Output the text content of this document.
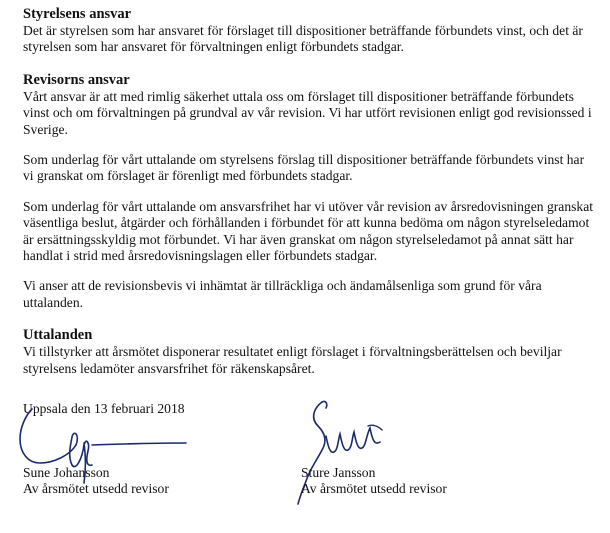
Styrelsens ansvar

Det är styrelsen som har ansvaret för förslaget till dispositioner beträffande förbundets vinst, och det är
styrelsen som har ansvaret för förvaltningen enligt förbundets stadgar.

Revisorns ansvar

Vårt ansvar är att med rimlig säkerhet uttala oss om förslaget till dispositioner beträffande förbundets
vinst och om förvaltningen på grundval av vår revision. Vi har utfört revisionen enligt god revisionssed i
Sverige.

Som underlag för vårt uttalande om styrelsens förslag till dispositioner beträffande förbundets vinst har
vi granskat om förslaget är förenligt med förbundets stadgar.

Som underlag för vårt uttalande om ansvarsfrihet har vi utöver vår revision av årsredovisningen granskat
väsentliga beslut, åtgärder och förhållanden i förbundet för att kunna bedöma om någon styrelseledamot
är ersättningsskyldig mot förbundet. Vi har även granskat om någon styrelseledamot på annat sätt har
handlat i strid med årsredovisningslagen eller förbundets stadgar.

Vi anser att de revisionsbevis vi inhämtat är tillräckliga och ändamålsenliga som grund för våra
uttalanden.

Uttalanden

Vi tillstyrker att årsmötet disponerar resultatet enligt förslaget i förvaltningsberättelsen och beviljar
styrelsens ledamöter ansvarsfrihet för räkenskapsåret.

Uppsala den 13 februari 2018
Sune Johansson
Av årsmötet utsedd revisor
Sture Jansson
Av årsmötet utsedd revisor
